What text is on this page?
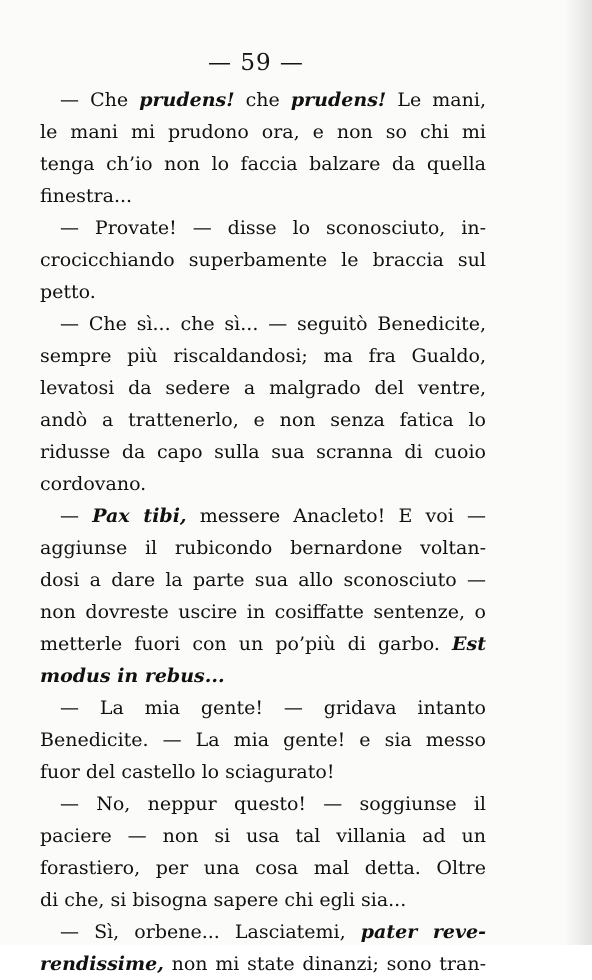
— 59 —
— Che prudens! che prudens! Le mani,
le mani mi prudono ora, e non so chi mi
tenga ch’io non lo faccia balzare da quella
finestra...
— Provate! — disse lo sconosciuto, in-
crocicchiando superbamente le braccia sul
petto.
— Che sì... che sì... — seguitò Benedicite,
sempre più riscaldandosi; ma fra Gualdo,
levatosi da sedere a malgrado del ventre,
andò a trattenerlo, e non senza fatica lo
ridusse da capo sulla sua scranna di cuoio
cordovano.
— Pax tibi, messere Anacleto! E voi —
aggiunse il rubicondo bernardone voltan-
dosi a dare la parte sua allo sconosciuto —
non dovreste uscire in cosiffatte sentenze, o
metterle fuori con un po’più di garbo. Est
modus in rebus...
— La mia gente! — gridava intanto
Benedicite. — La mia gente! e sia messo
fuor del castello lo sciagurato!
— No, neppur questo! — soggiunse il
paciere — non si usa tal villania ad un
forastiero, per una cosa mal detta. Oltre
di che, si bisogna sapere chi egli sia...
— Sì, orbene... Lasciatemi, pater reve-
rendissime, non mi state dinanzi; sono tran-
